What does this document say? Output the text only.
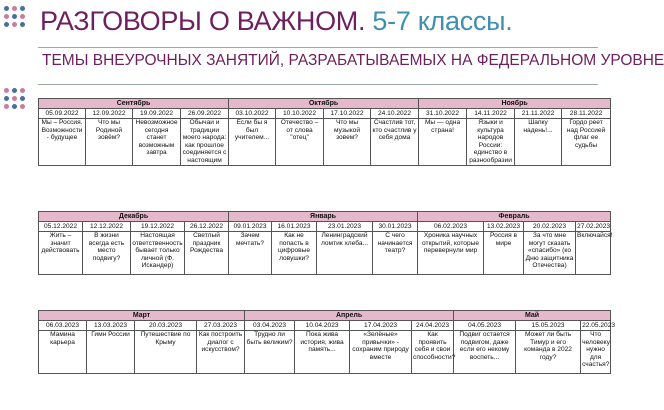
РАЗГОВОРЫ О ВАЖНОМ. 5-7 классы.
ТЕМЫ ВНЕУРОЧНЫХ ЗАНЯТИЙ, РАЗРАБАТЫВАЕМЫХ НА ФЕДЕРАЛЬНОМ УРОВНЕ
Сентябрь				Октябрь				Ноябрь			
05.09.2022	12.09.2022	19.09.2022	26.09.2022	03.10.2022	10.10.2022	17.10.2022	24.10.2022	31.10.2022	14.11.2022	21.11.2022	28.11.2022
Мы – Россия. Возможности - будущее	Что мы Родиной зовём?	Невозможное сегодня станет возможным завтра	Обычаи и традиции моего народа: как прошлое соединяется с настоящим	Если бы я был учителем...	Отечество – от слова "отец"	Что мы музыкой зовем?	Счастлив тот, кто счастлив у себя дома	Мы — одна страна!	Языки и культура народов России: единство в разнообразии	Шапку надень!...	Гордо реет над Россией флаг ее судьбы
Декабрь				Январь				Февраль			
05.12.2022	12.12.2022	19.12.2022	26.12.2022	09.01.2023	16.01.2023	23.01.2023	30.01.2023	06.02.2023	13.02.2023	20.02.2023	27.02.2023
Жить – значит действовать	В жизни всегда есть место подвигу?	Настоящая ответственность бывает только личной (Ф. Искандер)	Светлый праздник Рождества	Зачем мечтать?	Как не попасть в цифровые ловушки?	Ленинградский ломтик хлеба...	С чего начинается театр?	Хроника научных открытий, которые перевернули мир	Россия в мире	За что мне могут сказать «спасибо» (ко Дню защитника Отечества)	Включайся!
Март				Апрель				Май		
06.03.2023	13.03.2023	20.03.2023	27.03.2023	03.04.2023	10.04.2023	17.04.2023	24.04.2023	04.05.2023	15.05.2023	22.05.2023
Мамина карьера	Гимн России	Путешествие по Крыму	Как построить диалог с искусством?	Трудно ли быть великим?	Пока жива история, жива память...	«Зелёные» привычки» - сохраним природу вместе	Как проявить себя и свои способности?	Подвиг остается подвигом, даже если его некому воспеть...	Может ли быть Тимур и его команда в 2022 году?	Что человеку нужно для счастья?
